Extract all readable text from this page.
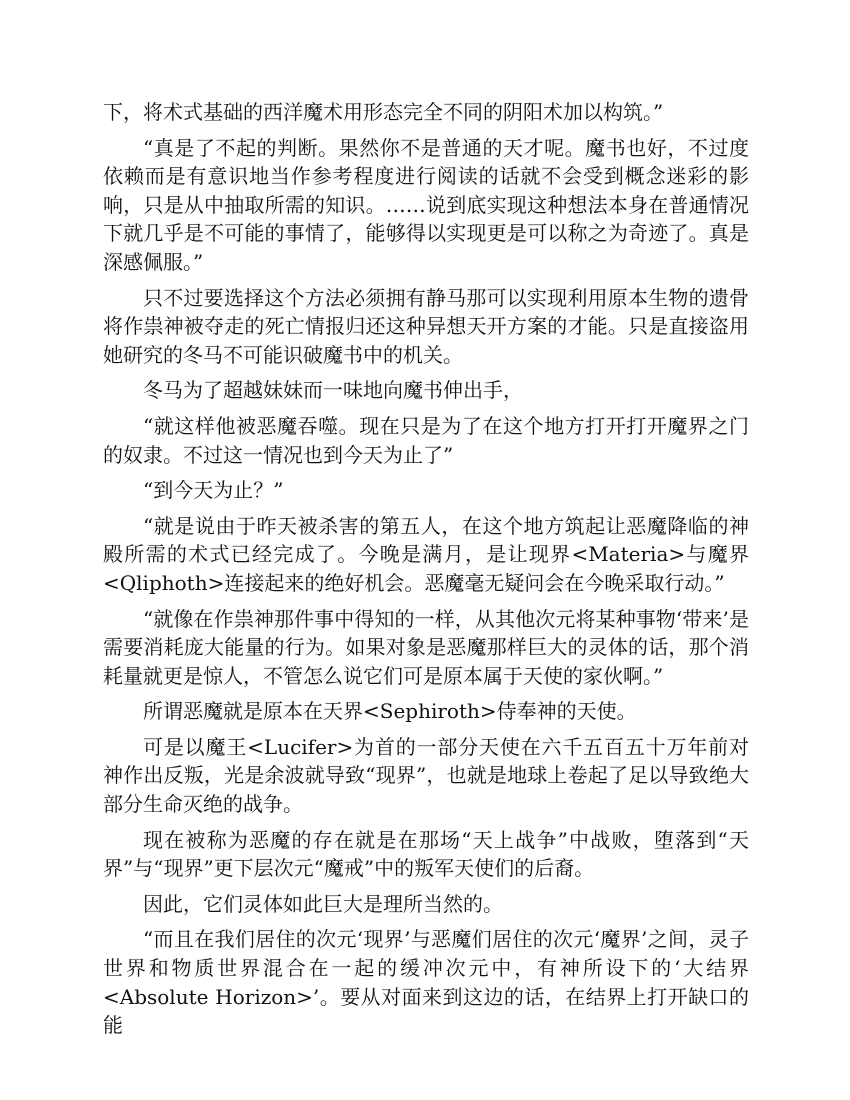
下，将术式基础的西洋魔术用形态完全不同的阴阳术加以构筑。”

“真是了不起的判断。果然你不是普通的天才呢。魔书也好，不过度依赖而是有意识地当作参考程度进行阅读的话就不会受到概念迷彩的影响，只是从中抽取所需的知识。……说到底实现这种想法本身在普通情况下就几乎是不可能的事情了，能够得以实现更是可以称之为奇迹了。真是深感佩服。”

只不过要选择这个方法必须拥有静马那可以实现利用原本生物的遗骨将作祟神被夺走的死亡情报归还这种异想天开方案的才能。只是直接盗用她研究的冬马不可能识破魔书中的机关。

冬马为了超越妹妹而一味地向魔书伸出手，

“就这样他被恶魔吞噬。现在只是为了在这个地方打开打开魔界之门的奴隶。不过这一情况也到今天为止了”

“到今天为止？”

“就是说由于昨天被杀害的第五人，在这个地方筑起让恶魔降临的神殿所需的术式已经完成了。今晚是满月，是让现界<Materia>与魔界<Qliphoth>连接起来的绝好机会。恶魔毫无疑问会在今晚采取行动。”

“就像在作祟神那件事中得知的一样，从其他次元将某种事物‘带来’是需要消耗庞大能量的行为。如果对象是恶魔那样巨大的灵体的话，那个消耗量就更是惊人，不管怎么说它们可是原本属于天使的家伙啊。”

所谓恶魔就是原本在天界<Sephiroth>侍奉神的天使。

可是以魔王<Lucifer>为首的一部分天使在六千五百五十万年前对神作出反叛，光是余波就导致“现界”，也就是地球上卷起了足以导致绝大部分生命灭绝的战争。

现在被称为恶魔的存在就是在那场“天上战争”中战败，堕落到“天界”与“现界”更下层次元“魔戒”中的叛军天使们的后裔。

因此，它们灵体如此巨大是理所当然的。

“而且在我们居住的次元‘现界’与恶魔们居住的次元‘魔界’之间，灵子世界和物质世界混合在一起的缓冲次元中，有神所设下的‘大结界<Absolute Horizon>’。要从对面来到这边的话，在结界上打开缺口的能
